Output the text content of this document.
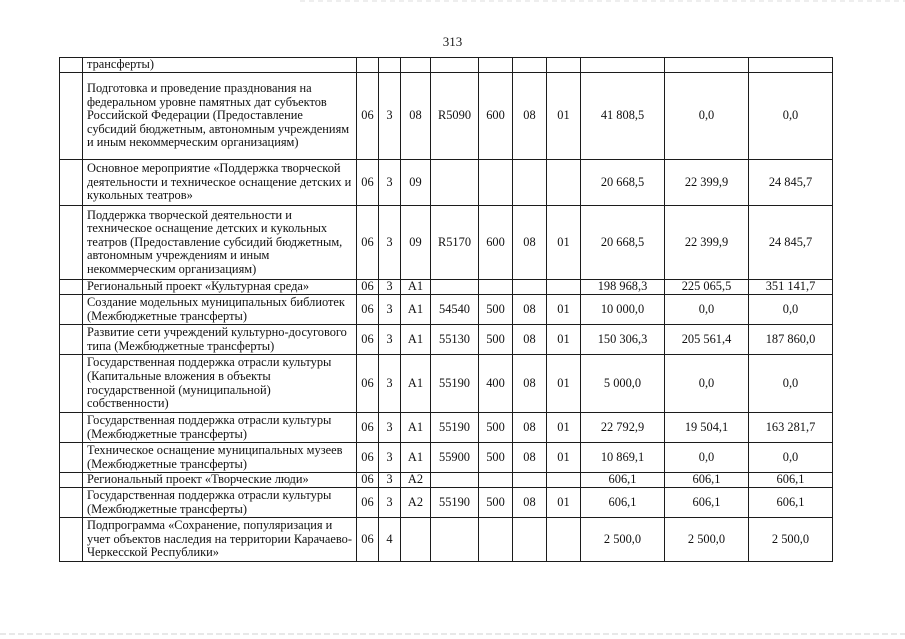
313
	трансферты)										
	Подготовка и проведение празднования на федеральном уровне памятных дат субъектов Российской Федерации (Предоставление субсидий бюджетным, автономным учреждениям и иным некоммерческим организациям)	06	3	08	R5090	600	08	01	41 808,5	0,0	0,0
	Основное мероприятие «Поддержка творческой деятельности и техническое оснащение детских и кукольных театров»	06	3	09					20 668,5	22 399,9	24 845,7
	Поддержка творческой деятельности и техническое оснащение детских и кукольных театров (Предоставление субсидий бюджетным, автономным учреждениям и иным некоммерческим организациям)	06	3	09	R5170	600	08	01	20 668,5	22 399,9	24 845,7
	Региональный проект «Культурная среда»	06	3	A1					198 968,3	225 065,5	351 141,7
	Создание модельных муниципальных библиотек (Межбюджетные трансферты)	06	3	A1	54540	500	08	01	10 000,0	0,0	0,0
	Развитие сети учреждений культурно-досугового типа (Межбюджетные трансферты)	06	3	A1	55130	500	08	01	150 306,3	205 561,4	187 860,0
	Государственная поддержка отрасли культуры (Капитальные вложения в объекты государственной (муниципальной) собственности)	06	3	A1	55190	400	08	01	5 000,0	0,0	0,0
	Государственная поддержка отрасли культуры (Межбюджетные трансферты)	06	3	A1	55190	500	08	01	22 792,9	19 504,1	163 281,7
	Техническое оснащение муниципальных музеев (Межбюджетные трансферты)	06	3	A1	55900	500	08	01	10 869,1	0,0	0,0
	Региональный проект «Творческие люди»	06	3	A2					606,1	606,1	606,1
	Государственная поддержка отрасли культуры (Межбюджетные трансферты)	06	3	A2	55190	500	08	01	606,1	606,1	606,1
	Подпрограмма «Сохранение, популяризация и учет объектов наследия на территории Карачаево-Черкесской Республики»	06	4						2 500,0	2 500,0	2 500,0
